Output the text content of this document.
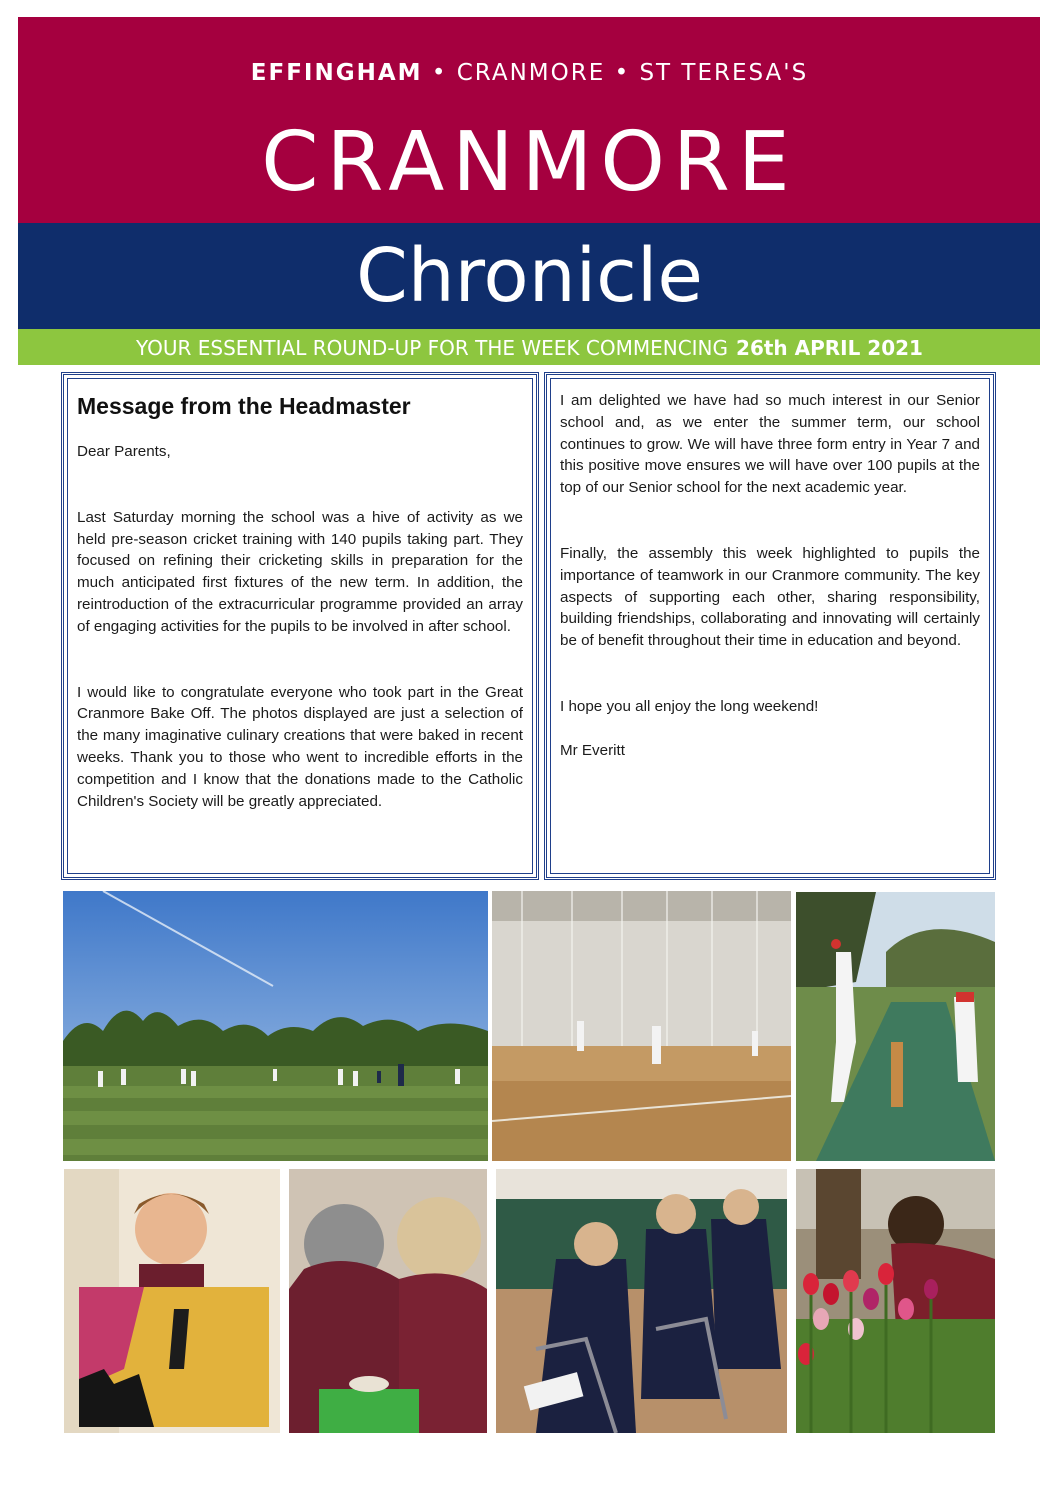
EFFINGHAM • CRANMORE • ST TERESA'S
CRANMORE
Chronicle
YOUR ESSENTIAL ROUND-UP FOR THE WEEK COMMENCING 26th APRIL 2021
Message from the Headmaster

Dear Parents,

Last Saturday morning the school was a hive of activity as we held pre-season cricket training with 140 pupils taking part. They focused on refining their cricketing skills in preparation for the much anticipated first fixtures of the new term. In addition, the reintroduction of the extracurricular programme provided an array of engaging activities for the pupils to be involved in after school.

I would like to congratulate everyone who took part in the Great Cranmore Bake Off. The photos displayed are just a selection of the many imaginative culinary creations that were baked in recent weeks. Thank you to those who went to incredible efforts in the competition and I know that the donations made to the Catholic Children's Society will be greatly appreciated.

I am delighted we have had so much interest in our Senior school and, as we enter the summer term, our school continues to grow. We will have three form entry in Year 7 and this positive move ensures we will have over 100 pupils at the top of our Senior school for the next academic year.

Finally, the assembly this week highlighted to pupils the importance of teamwork in our Cranmore community. The key aspects of supporting each other, sharing responsibility, building friendships, collaborating and innovating will certainly be of benefit throughout their time in education and beyond.

I hope you all enjoy the long weekend!

Mr Everitt
